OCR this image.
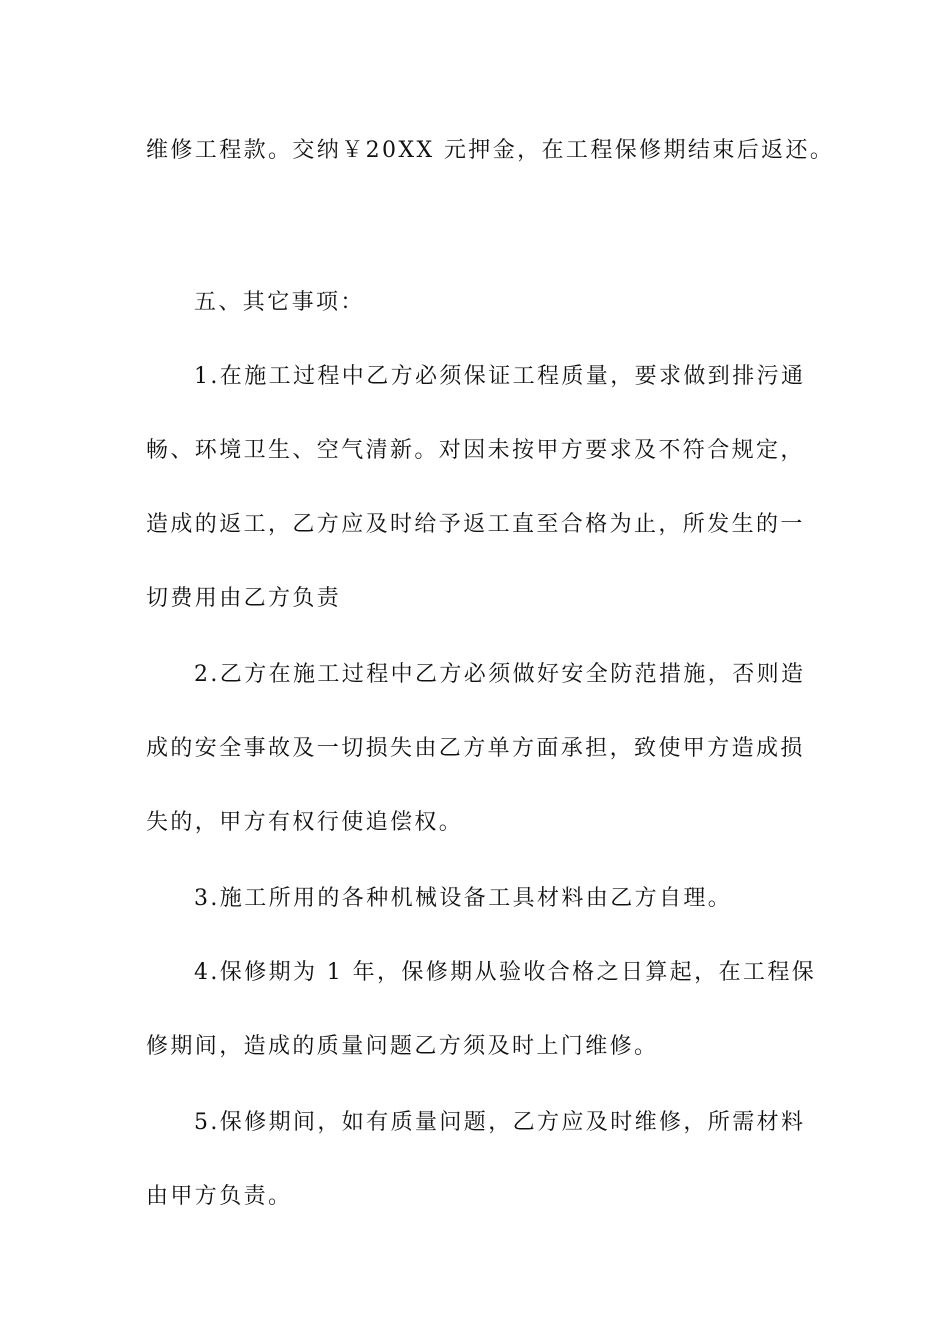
维修工程款。交纳￥20XX 元押金，在工程保修期结束后返还。
五、其它事项：
1.在施工过程中乙方必须保证工程质量，要求做到排污通
畅、环境卫生、空气清新。对因未按甲方要求及不符合规定，
造成的返工，乙方应及时给予返工直至合格为止，所发生的一
切费用由乙方负责
2.乙方在施工过程中乙方必须做好安全防范措施，否则造
成的安全事故及一切损失由乙方单方面承担，致使甲方造成损
失的，甲方有权行使追偿权。
3.施工所用的各种机械设备工具材料由乙方自理。
4.保修期为 1 年，保修期从验收合格之日算起，在工程保
修期间，造成的质量问题乙方须及时上门维修。
5.保修期间，如有质量问题，乙方应及时维修，所需材料
由甲方负责。
